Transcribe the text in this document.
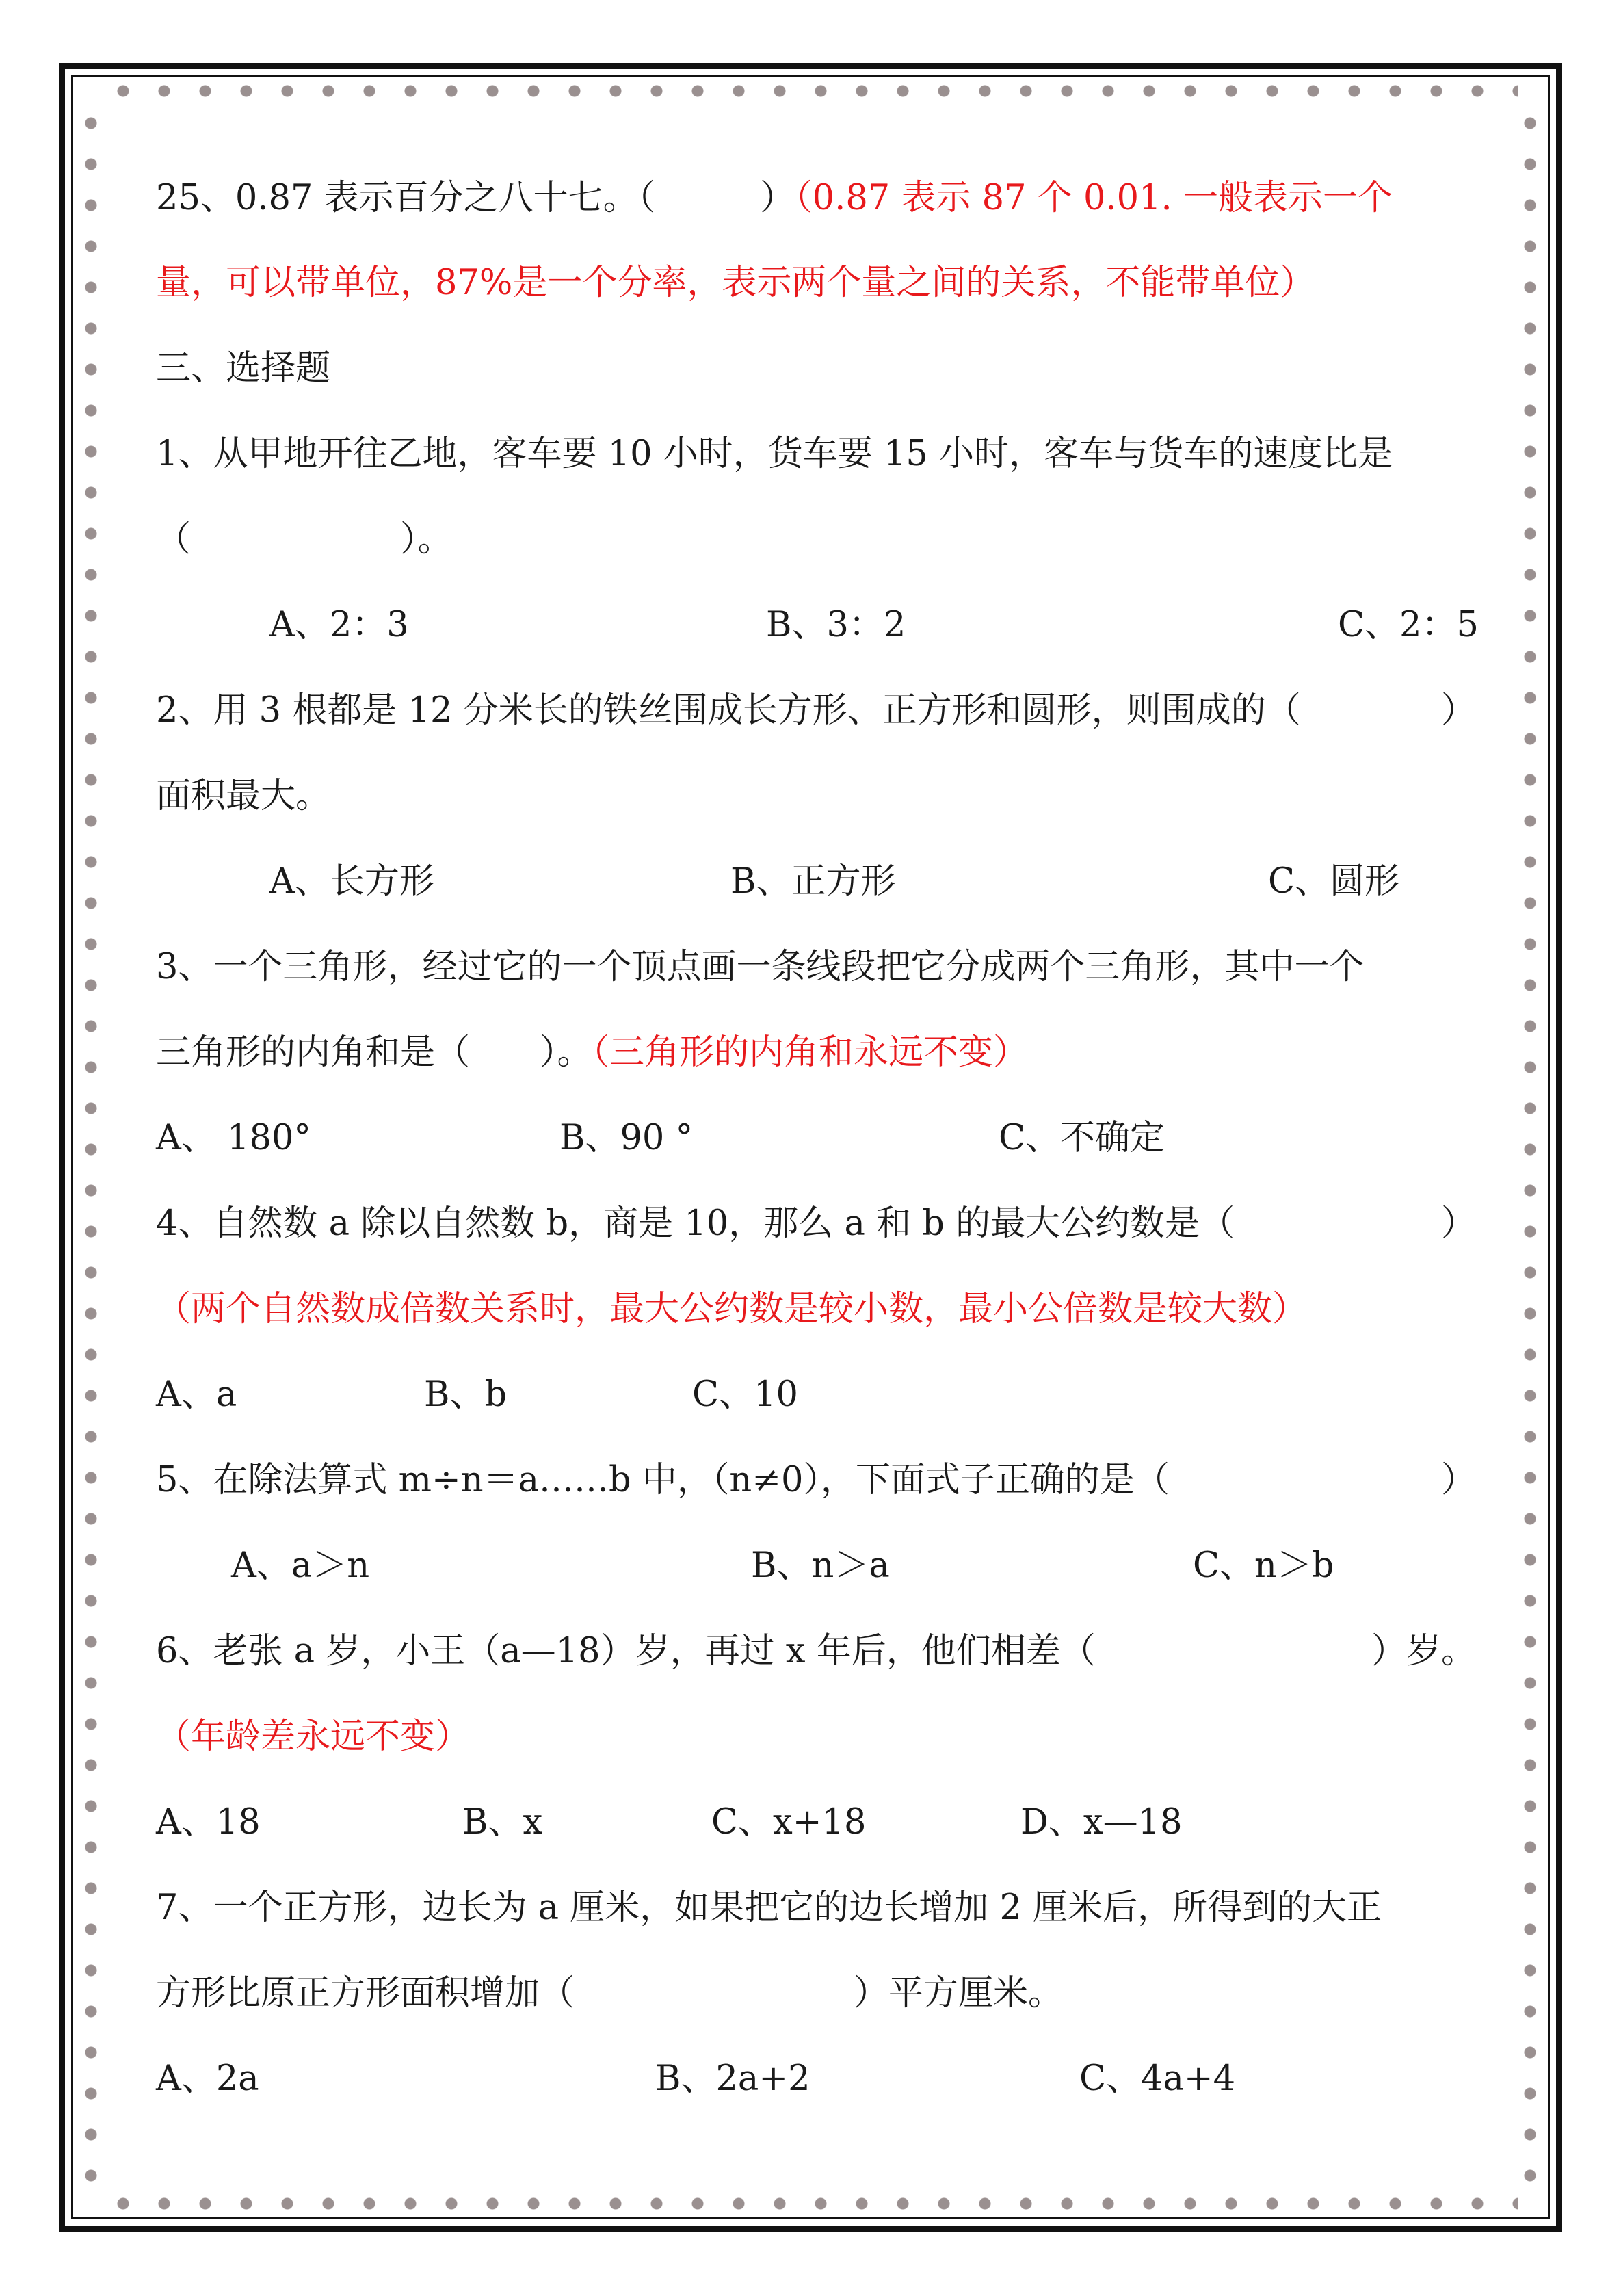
25、0.87 表示百分之八十七。（　　　）（0.87 表示 87 个 0.01. 一般表示一个
量，可以带单位，87%是一个分率，表示两个量之间的关系，不能带单位）
三、选择题
1、从甲地开往乙地，客车要 10 小时，货车要 15 小时，客车与货车的速度比是
（　　　　　　）。
A、2：3	B、3：2	C、2：5
2、用 3 根都是 12 分米长的铁丝围成长方形、正方形和圆形，则围成的（	）
面积最大。
A、长方形	B、正方形	C、圆形
3、一个三角形，经过它的一个顶点画一条线段把它分成两个三角形，其中一个
三角形的内角和是（　　）。（三角形的内角和永远不变）
A、 180°	B、90 °	C、不确定
4、自然数 a 除以自然数 b，商是 10，那么 a 和 b 的最大公约数是（	）
（两个自然数成倍数关系时，最大公约数是较小数，最小公倍数是较大数）
A、a	B、b	C、10
5、在除法算式 m÷n＝a……b 中，（n≠0），下面式子正确的是（	）
A、a＞n	B、n＞a	C、n＞b
6、老张 a 岁，小王（a—18）岁，再过 x 年后，他们相差（	）岁。
（年龄差永远不变）
A、18	B、x	C、x+18	D、x—18
7、一个正方形，边长为 a 厘米，如果把它的边长增加 2 厘米后，所得到的大正
方形比原正方形面积增加（　　　　　　　　）平方厘米。
A、2a	B、2a+2	C、4a+4
